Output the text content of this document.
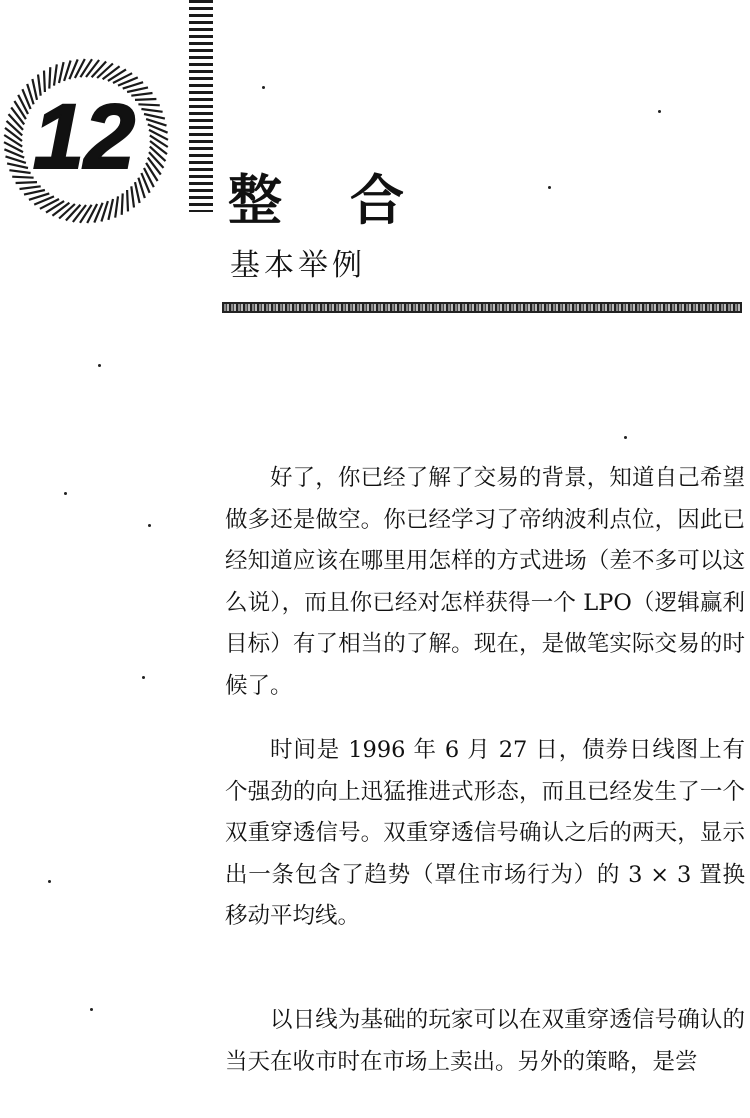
12
整合
基本举例

好了，你已经了解了交易的背景，知道自己希望做多还是做空。你已经学习了帝纳波利点位，因此已经知道应该在哪里用怎样的方式进场（差不多可以这么说），而且你已经对怎样获得一个 LPO（逻辑赢利目标）有了相当的了解。现在，是做笔实际交易的时候了。

时间是 1996 年 6 月 27 日，债券日线图上有个强劲的向上迅猛推进式形态，而且已经发生了一个双重穿透信号。双重穿透信号确认之后的两天，显示出一条包含了趋势（罩住市场行为）的 3 × 3 置换移动平均线。

以日线为基础的玩家可以在双重穿透信号确认的当天在收市时在市场上卖出。另外的策略，是尝
